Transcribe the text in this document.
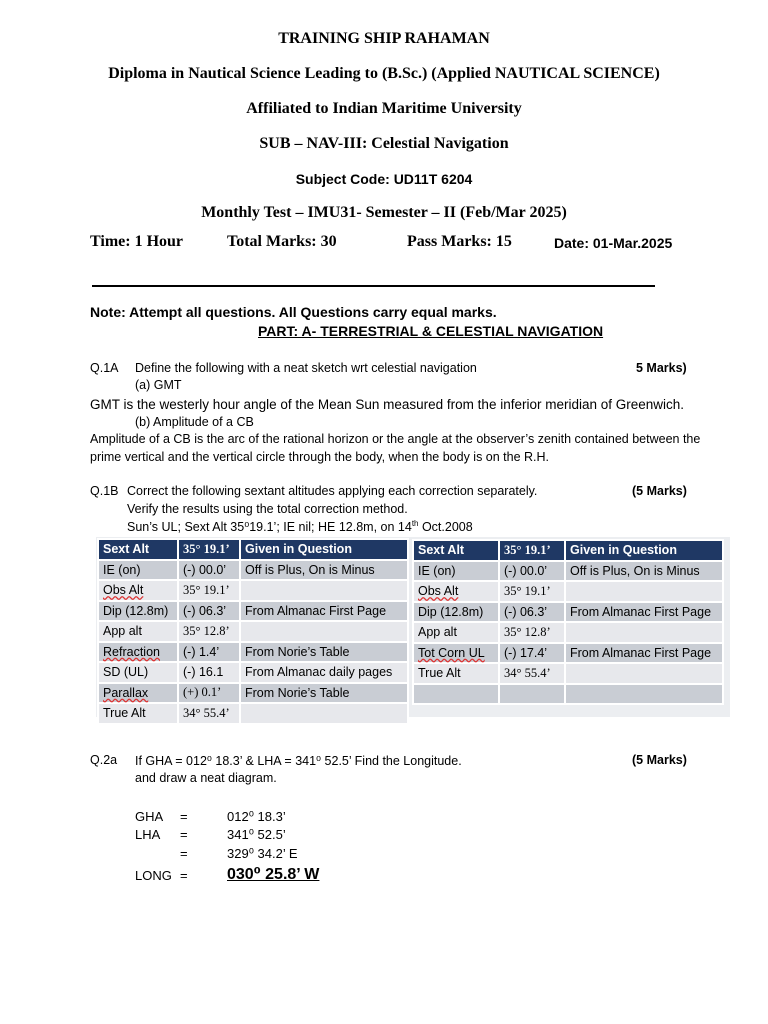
TRAINING SHIP RAHAMAN
Diploma in Nautical Science Leading to (B.Sc.) (Applied NAUTICAL SCIENCE)
Affiliated to Indian Maritime University
SUB – NAV-III: Celestial Navigation
Subject Code: UD11T 6204
Monthly Test – IMU31- Semester – II (Feb/Mar 2025)
Time: 1 Hour	Total Marks: 30	Pass Marks: 15	Date: 01-Mar.2025
Note: Attempt all questions. All Questions carry equal marks.
PART: A- TERRESTRIAL & CELESTIAL NAVIGATION
Q.1A Define the following with a neat sketch wrt celestial navigation	5 Marks)
(a) GMT
GMT is the westerly hour angle of the Mean Sun measured from the inferior meridian of Greenwich.
(b) Amplitude of a CB
Amplitude of a CB is the arc of the rational horizon or the angle at the observer’s zenith contained between the
prime vertical and the vertical circle through the body, when the body is on the R.H.
Q.1B Correct the following sextant altitudes applying each correction separately.	(5 Marks)
Verify the results using the total correction method.
Sun’s UL; Sext Alt 35⁰19.1’; IE nil; HE 12.8m, on 14th Oct.2008
Sext Alt	35° 19.1’	Given in Question
IE (on)	(-) 00.0’	Off is Plus, On is Minus
Obs Alt	35° 19.1’	
Dip (12.8m)	(-) 06.3’	From Almanac First Page
App alt	35° 12.8’	
Refraction	(-) 1.4’	From Norie’s Table
SD (UL)	(-) 16.1	From Almanac daily pages
Parallax	(+) 0.1’	From Norie’s Table
True Alt	34° 55.4’	
Sext Alt	35° 19.1’	Given in Question
IE (on)	(-) 00.0’	Off is Plus, On is Minus
Obs Alt	35° 19.1’	
Dip (12.8m)	(-) 06.3’	From Almanac First Page
App alt	35° 12.8’	
Tot Corn UL	(-) 17.4’	From Almanac First Page
True Alt	34° 55.4’	

Q.2a If GHA = 012⁰ 18.3’ & LHA = 341⁰ 52.5’ Find the Longitude.	(5 Marks)
and draw a neat diagram.
GHA =	012⁰ 18.3’
LHA =	341⁰ 52.5’
=	329⁰ 34.2’ E
LONG = 030⁰ 25.8’ W
